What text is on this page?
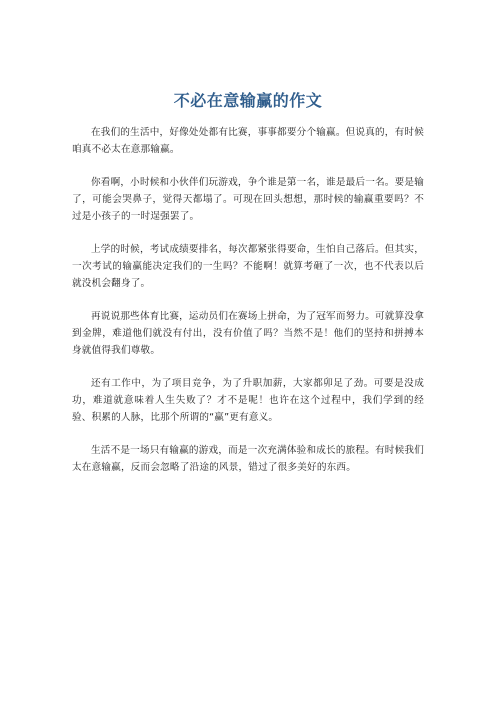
不必在意输赢的作文

在我们的生活中，好像处处都有比赛，事事都要分个输赢。但说真的，有时候咱真不必太在意那输赢。

你看啊，小时候和小伙伴们玩游戏，争个谁是第一名，谁是最后一名。要是输了，可能会哭鼻子，觉得天都塌了。可现在回头想想，那时候的输赢重要吗？不过是小孩子的一时逞强罢了。

上学的时候，考试成绩要排名，每次都紧张得要命，生怕自己落后。但其实，一次考试的输赢能决定我们的一生吗？不能啊！就算考砸了一次，也不代表以后就没机会翻身了。

再说说那些体育比赛，运动员们在赛场上拼命，为了冠军而努力。可就算没拿到金牌，难道他们就没有付出，没有价值了吗？当然不是！他们的坚持和拼搏本身就值得我们尊敬。

还有工作中，为了项目竞争，为了升职加薪，大家都卯足了劲。可要是没成功，难道就意味着人生失败了？才不是呢！也许在这个过程中，我们学到的经验、积累的人脉，比那个所谓的“赢”更有意义。

生活不是一场只有输赢的游戏，而是一次充满体验和成长的旅程。有时候我们太在意输赢，反而会忽略了沿途的风景，错过了很多美好的东西。
